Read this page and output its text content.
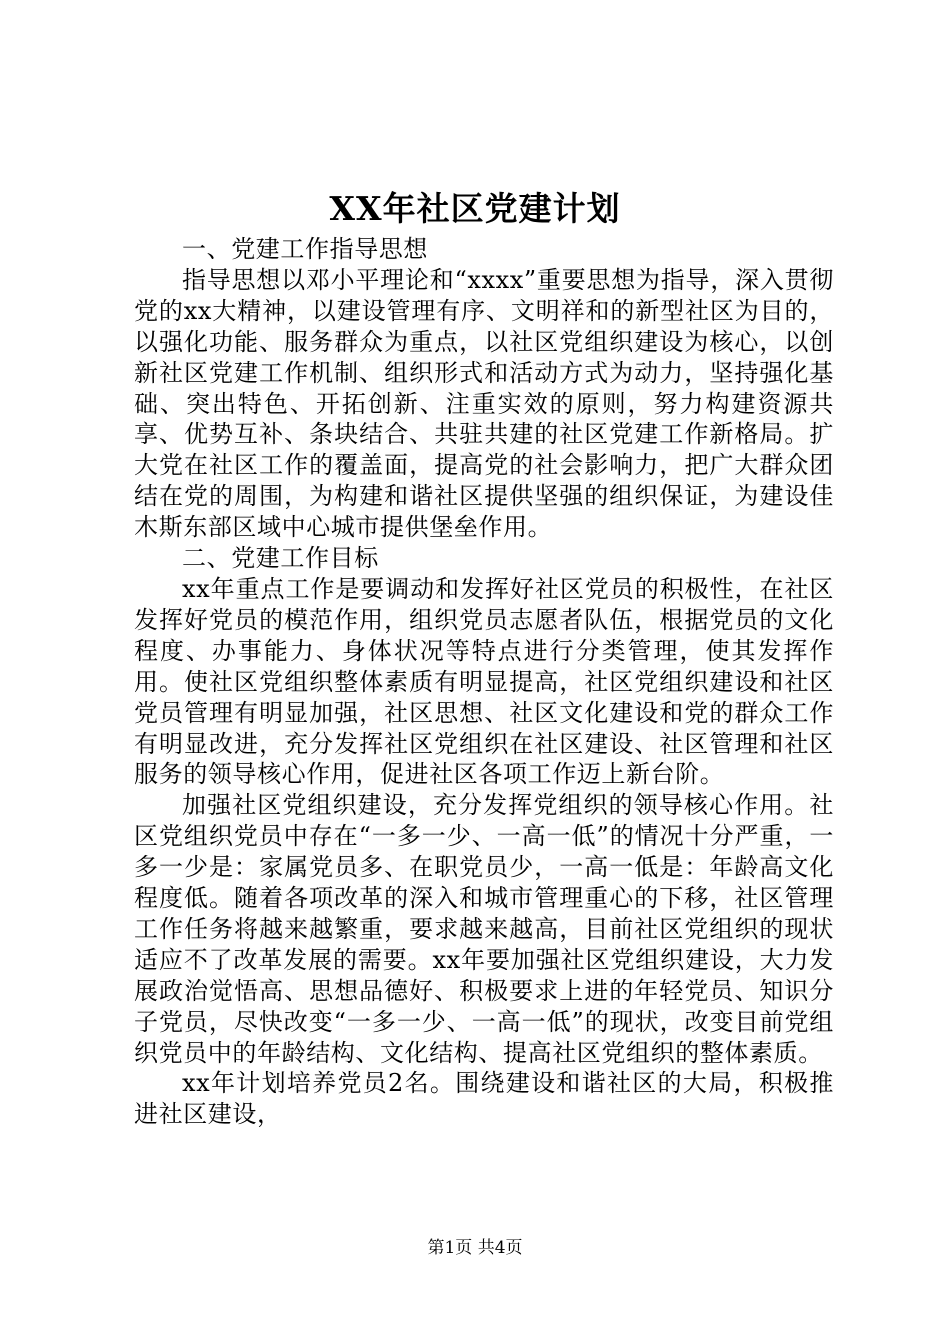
XX年社区党建计划

一、党建工作指导思想

指导思想以邓小平理论和“xxxx”重要思想为指导，深入贯彻党的xx大精神，以建设管理有序、文明祥和的新型社区为目的，以强化功能、服务群众为重点，以社区党组织建设为核心，以创新社区党建工作机制、组织形式和活动方式为动力，坚持强化基础、突出特色、开拓创新、注重实效的原则，努力构建资源共享、优势互补、条块结合、共驻共建的社区党建工作新格局。扩大党在社区工作的覆盖面，提高党的社会影响力，把广大群众团结在党的周围，为构建和谐社区提供坚强的组织保证，为建设佳木斯东部区域中心城市提供堡垒作用。

二、党建工作目标

xx年重点工作是要调动和发挥好社区党员的积极性，在社区发挥好党员的模范作用，组织党员志愿者队伍，根据党员的文化程度、办事能力、身体状况等特点进行分类管理，使其发挥作用。使社区党组织整体素质有明显提高，社区党组织建设和社区党员管理有明显加强，社区思想、社区文化建设和党的群众工作有明显改进，充分发挥社区党组织在社区建设、社区管理和社区服务的领导核心作用，促进社区各项工作迈上新台阶。

加强社区党组织建设，充分发挥党组织的领导核心作用。社区党组织党员中存在“一多一少、一高一低”的情况十分严重，一多一少是：家属党员多、在职党员少，一高一低是：年龄高文化程度低。随着各项改革的深入和城市管理重心的下移，社区管理工作任务将越来越繁重，要求越来越高，目前社区党组织的现状适应不了改革发展的需要。xx年要加强社区党组织建设，大力发展政治觉悟高、思想品德好、积极要求上进的年轻党员、知识分子党员，尽快改变“一多一少、一高一低”的现状，改变目前党组织党员中的年龄结构、文化结构、提高社区党组织的整体素质。

xx年计划培养党员2名。围绕建设和谐社区的大局，积极推进社区建设，

第1页 共4页
